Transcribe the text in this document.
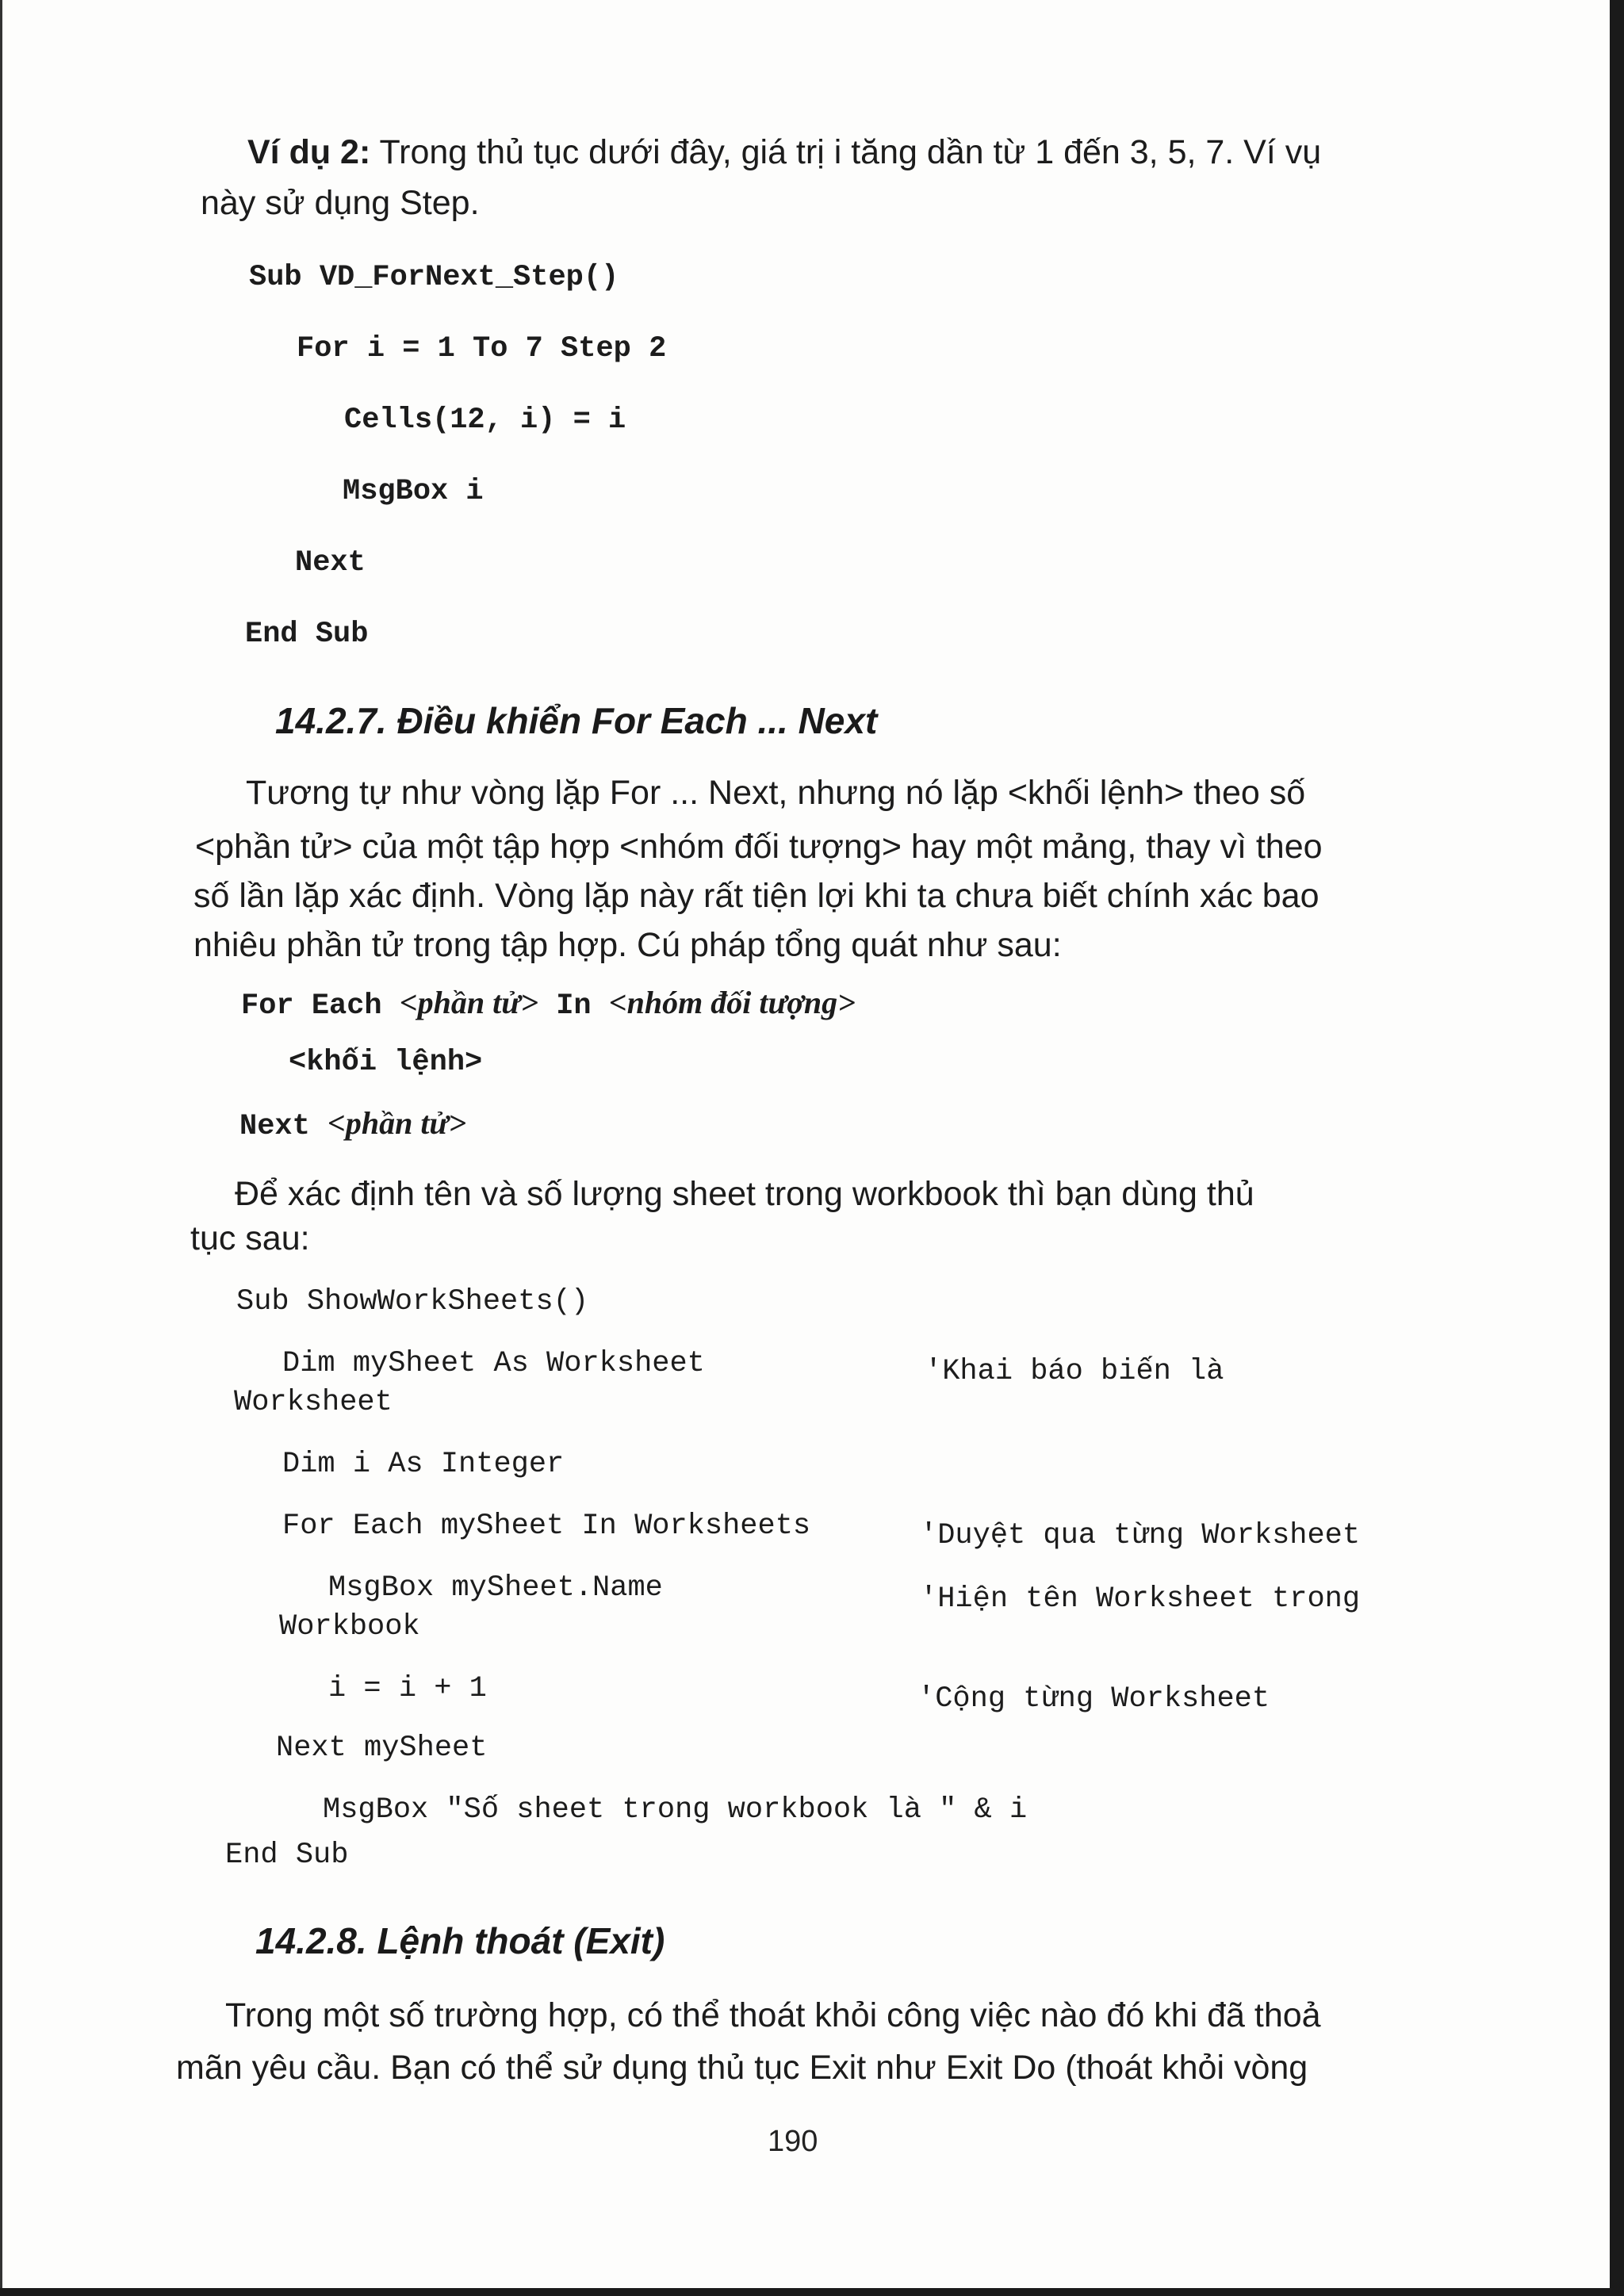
Ví dụ 2: Trong thủ tục dưới đây, giá trị i tăng dần từ 1 đến 3, 5, 7. Ví vụ
này sử dụng Step.
Sub VD_ForNext_Step()
For i = 1 To 7 Step 2
Cells(12, i) = i
MsgBox i
Next
End Sub
14.2.7. Điều khiển For Each ... Next
Tương tự như vòng lặp For ... Next, nhưng nó lặp <khối lệnh> theo số
<phần tử> của một tập hợp <nhóm đối tượng> hay một mảng, thay vì theo
số lần lặp xác định. Vòng lặp này rất tiện lợi khi ta chưa biết chính xác bao
nhiêu phần tử trong tập hợp. Cú pháp tổng quát như sau:
For Each <phần tử> In <nhóm đối tượng>
<khối lệnh>
Next <phần tử>
Để xác định tên và số lượng sheet trong workbook thì bạn dùng thủ
tục sau:
Sub ShowWorkSheets()
Dim mySheet As Worksheet	'Khai báo biến là
Worksheet
Dim i As Integer
For Each mySheet In Worksheets	'Duyệt qua từng Worksheet
MsgBox mySheet.Name	'Hiện tên Worksheet trong
Workbook
i = i + 1	'Cộng từng Worksheet
Next mySheet
MsgBox "Số sheet trong workbook là " & i
End Sub
14.2.8. Lệnh thoát (Exit)
Trong một số trường hợp, có thể thoát khỏi công việc nào đó khi đã thoả
mãn yêu cầu. Bạn có thể sử dụng thủ tục Exit như Exit Do (thoát khỏi vòng
190
